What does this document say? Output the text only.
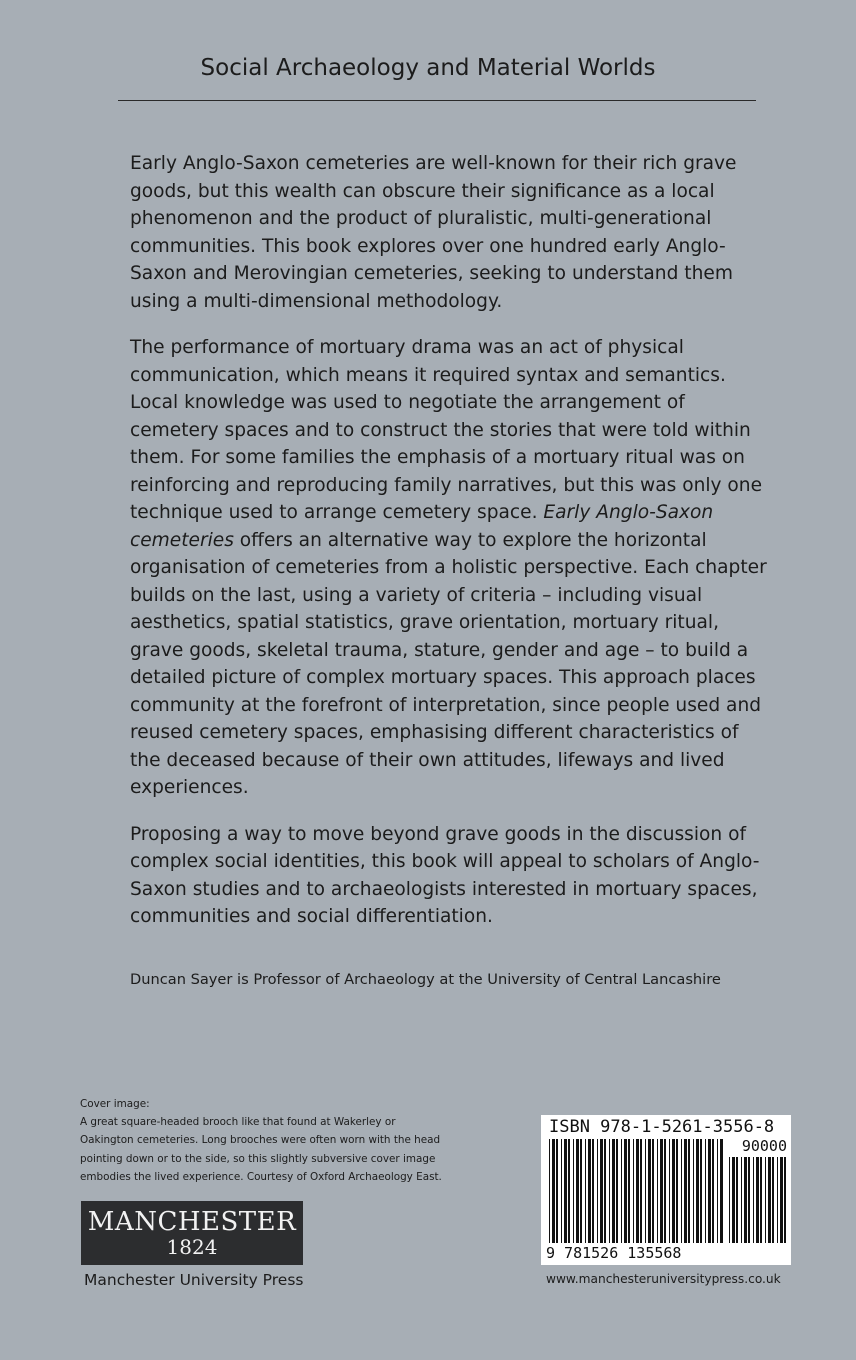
Social Archaeology and Material Worlds

Early Anglo-Saxon cemeteries are well-known for their rich grave goods, but this wealth can obscure their significance as a local phenomenon and the product of pluralistic, multi-generational communities. This book explores over one hundred early Anglo-Saxon and Merovingian cemeteries, seeking to understand them using a multi-dimensional methodology.

The performance of mortuary drama was an act of physical communication, which means it required syntax and semantics. Local knowledge was used to negotiate the arrangement of cemetery spaces and to construct the stories that were told within them. For some families the emphasis of a mortuary ritual was on reinforcing and reproducing family narratives, but this was only one technique used to arrange cemetery space. Early Anglo-Saxon cemeteries offers an alternative way to explore the horizontal organisation of cemeteries from a holistic perspective. Each chapter builds on the last, using a variety of criteria – including visual aesthetics, spatial statistics, grave orientation, mortuary ritual, grave goods, skeletal trauma, stature, gender and age – to build a detailed picture of complex mortuary spaces. This approach places community at the forefront of interpretation, since people used and reused cemetery spaces, emphasising different characteristics of the deceased because of their own attitudes, lifeways and lived experiences.

Proposing a way to move beyond grave goods in the discussion of complex social identities, this book will appeal to scholars of Anglo-Saxon studies and to archaeologists interested in mortuary spaces, communities and social differentiation.

Duncan Sayer is Professor of Archaeology at the University of Central Lancashire
Cover image:
A great square-headed brooch like that found at Wakerley or
Oakington cemeteries. Long brooches were often worn with the head
pointing down or to the side, so this slightly subversive cover image
embodies the lived experience. Courtesy of Oxford Archaeology East.
MANCHESTER
1824
Manchester University Press
ISBN 978-1-5261-3556-8
90000
9 781526 135568
www.manchesteruniversitypress.co.uk
